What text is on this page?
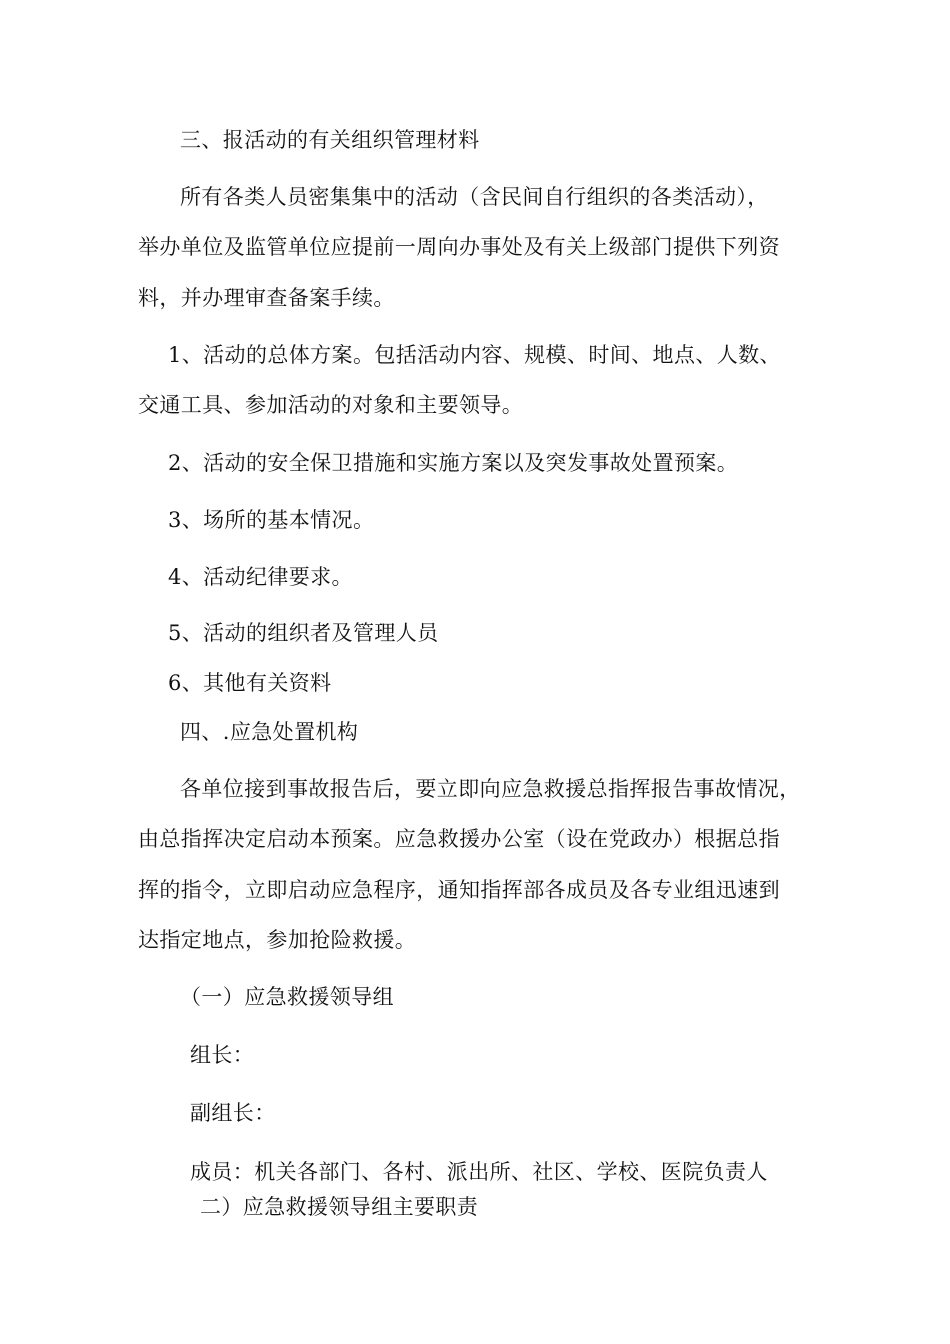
三、报活动的有关组织管理材料
所有各类人员密集集中的活动（含民间自行组织的各类活动），
举办单位及监管单位应提前一周向办事处及有关上级部门提供下列资
料，并办理审查备案手续。
1、活动的总体方案。包括活动内容、规模、时间、地点、人数、
交通工具、参加活动的对象和主要领导。
2、活动的安全保卫措施和实施方案以及突发事故处置预案。
3、场所的基本情况。
4、活动纪律要求。
5、活动的组织者及管理人员
6、其他有关资料
四、.应急处置机构
各单位接到事故报告后，要立即向应急救援总指挥报告事故情况，
由总指挥决定启动本预案。应急救援办公室（设在党政办）根据总指
挥的指令，立即启动应急程序，通知指挥部各成员及各专业组迅速到
达指定地点，参加抢险救援。
（一）应急救援领导组
组长：
副组长：
成员：机关各部门、各村、派出所、社区、学校、医院负责人
二）应急救援领导组主要职责
